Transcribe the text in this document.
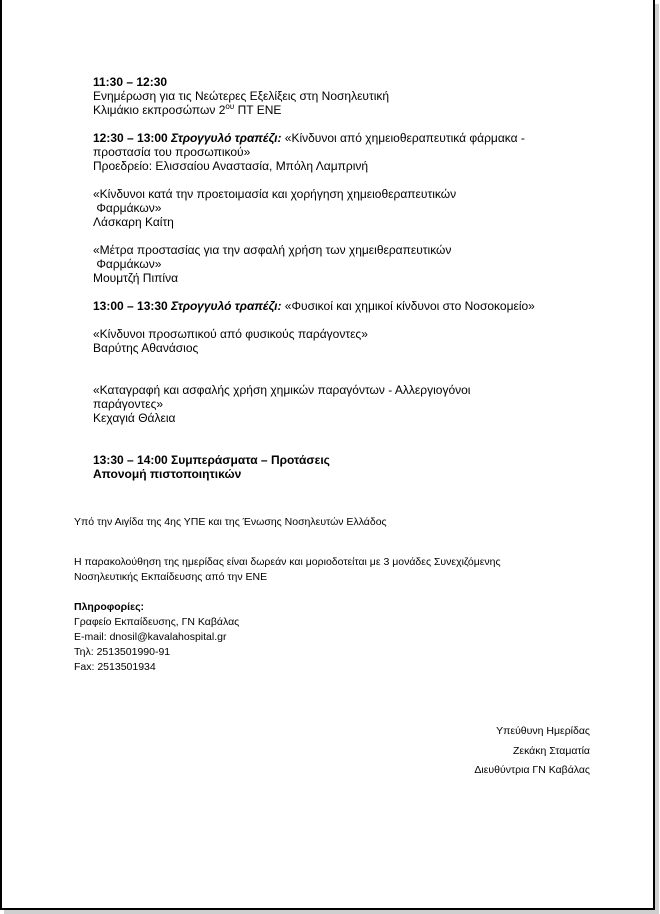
11:30 – 12:30
Ενημέρωση για τις Νεώτερες Εξελίξεις στη Νοσηλευτική
Κλιμάκιο εκπροσώπων $2^{o\upsilon}$ ΠΤ ΕΝΕ
12:30 – 13:00 Στρογγυλό τραπέζι: «Κίνδυνοι από χημειοθεραπευτικά φάρμακα -
προστασία του προσωπικού»
Προεδρείο: Ελισσαίου Αναστασία, Μπόλη Λαμπρινή
«Κίνδυνοι κατά την προετοιμασία και χορήγηση χημειοθεραπευτικών
Φαρμάκων»
Λάσκαρη Καίτη
«Μέτρα προστασίας για την ασφαλή χρήση των χημειθεραπευτικών
Φαρμάκων»
Μουμτζή Πιπίνα
13:00 – 13:30 Στρογγυλό τραπέζι: «Φυσικοί και χημικοί κίνδυνοι στο Νοσοκομείο»
«Κίνδυνοι προσωπικού από φυσικούς παράγοντες»
Βαρύτης Αθανάσιος
«Καταγραφή και ασφαλής χρήση χημικών παραγόντων - Αλλεργιογόνοι
παράγοντες»
Κεχαγιά Θάλεια
13:30 – 14:00 Συμπεράσματα – Προτάσεις
Απονομή πιστοποιητικών
Υπό την Αιγίδα της 4ης ΥΠΕ και της Ένωσης Νοσηλευτών Ελλάδος
Η παρακολούθηση της ημερίδας είναι δωρεάν και μοριοδοτείται με 3 μονάδες Συνεχιζόμενης
Νοσηλευτικής Εκπαίδευσης από την ΕΝΕ
Πληροφορίες:
Γραφείο Εκπαίδευσης, ΓΝ Καβάλας
E-mail: dnosil@kavalahospital.gr
Τηλ: 2513501990-91
Fax: 2513501934
Υπεύθυνη Ημερίδας
Ζεκάκη Σταματία
Διευθύντρια ΓΝ Καβάλας
